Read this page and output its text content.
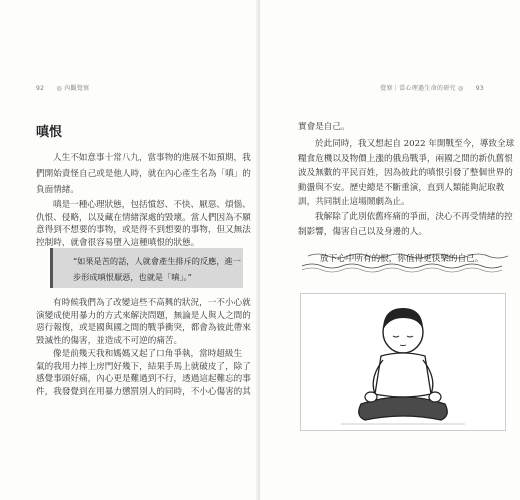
92 ◎ 內觀覺察
嗔恨
人生不如意事十常八九，當事物的進展不如預期，我
們開始責怪自己或是他人時，就在內心產生名為「嗔」的
負面情緒。
嗔是一種心理狀態，包括憤怒、不快、厭惡、煩惱、
仇恨、侵略，以及藏在情緒深處的毀壞。當人們因為不願
意得到不想要的事物，或是得不到想要的事物，但又無法
控制時，就會很容易墮入這種嗔恨的狀態。
“如果是苦的話，人就會產生排斥的反應，進一
步形成嗔恨厭惡，也就是「嗔」。”
有時候我們為了改變這些不高興的狀況，一不小心就
演變成使用暴力的方式來解決問題，無論是人與人之間的
惡行報復，或是國與國之間的戰爭衝突，都會為彼此帶來
毀滅性的傷害，並造成不可逆的痛苦。
像是前幾天我和媽媽又起了口角爭執，當時超級生
氣的我用力摔上房門好幾下，結果手馬上就破皮了，除了
感覺事頭好痛，內心更是難過到不行，透過這起難忘的事
件，我發覺到在用暴力懲罰別人的同時，不小心傷害的其
覺察｜當心理過生命的研究 ◎ 93
實會是自己。
於此同時，我又想起自 2022 年開戰至今，導致全球
糧食危機以及物價上漲的俄烏戰爭，兩國之間的新仇舊恨
波及無數的平民百姓，因為彼此的嗔恨引發了整個世界的
動盪與不安。歷史總是不斷重演，直到人類能夠記取教
訓，共同制止這場鬧劇為止。
我解除了此別依舊疼痛的爭面，決心不再受情緒的控
制影響，傷害自己以及身邊的人。
放下心中所有的恨，你值得更快樂的自己。
